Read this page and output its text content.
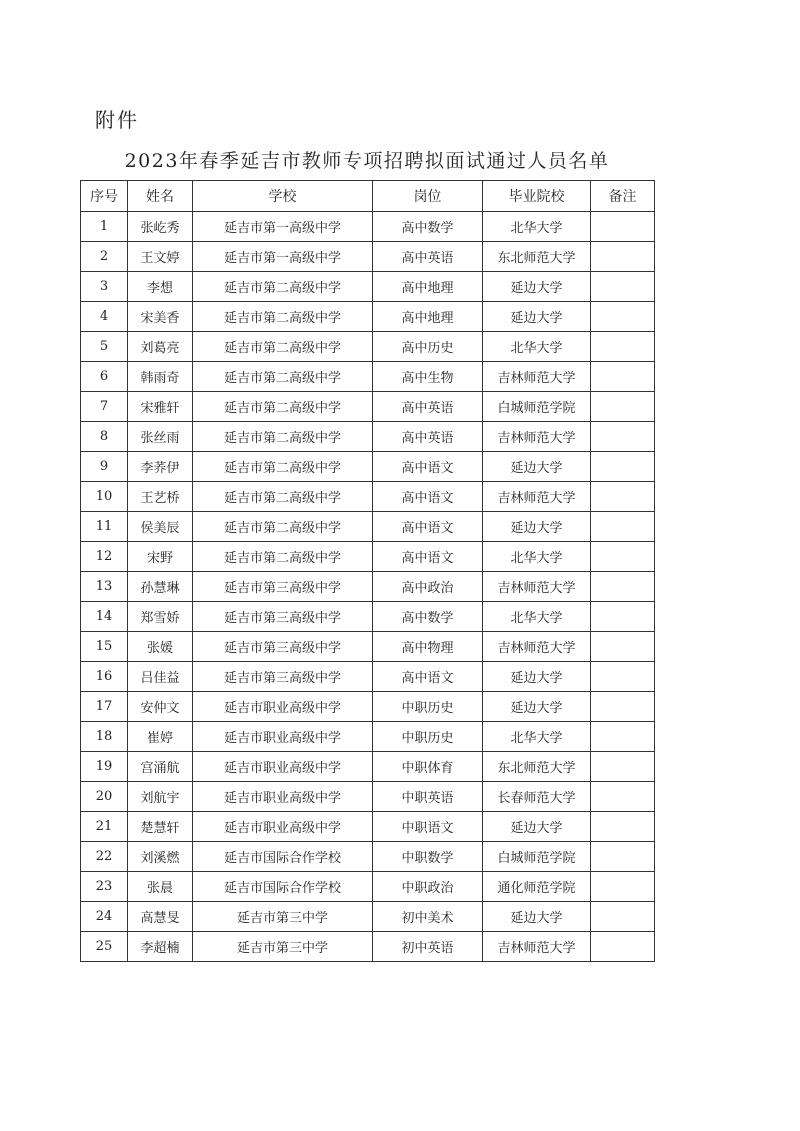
附件
2023年春季延吉市教师专项招聘拟面试通过人员名单
序号	姓名	学校	岗位	毕业院校	备注
1	张屹秀	延吉市第一高级中学	高中数学	北华大学	
2	王文婷	延吉市第一高级中学	高中英语	东北师范大学	
3	李想	延吉市第二高级中学	高中地理	延边大学	
4	宋美香	延吉市第二高级中学	高中地理	延边大学	
5	刘葛亮	延吉市第二高级中学	高中历史	北华大学	
6	韩雨奇	延吉市第二高级中学	高中生物	吉林师范大学	
7	宋雅轩	延吉市第二高级中学	高中英语	白城师范学院	
8	张丝雨	延吉市第二高级中学	高中英语	吉林师范大学	
9	李荞伊	延吉市第二高级中学	高中语文	延边大学	
10	王艺桥	延吉市第二高级中学	高中语文	吉林师范大学	
11	侯美辰	延吉市第二高级中学	高中语文	延边大学	
12	宋野	延吉市第二高级中学	高中语文	北华大学	
13	孙慧琳	延吉市第三高级中学	高中政治	吉林师范大学	
14	郑雪娇	延吉市第三高级中学	高中数学	北华大学	
15	张媛	延吉市第三高级中学	高中物理	吉林师范大学	
16	吕佳益	延吉市第三高级中学	高中语文	延边大学	
17	安仲文	延吉市职业高级中学	中职历史	延边大学	
18	崔婷	延吉市职业高级中学	中职历史	北华大学	
19	宫涌航	延吉市职业高级中学	中职体育	东北师范大学	
20	刘航宇	延吉市职业高级中学	中职英语	长春师范大学	
21	楚慧轩	延吉市职业高级中学	中职语文	延边大学	
22	刘溪燃	延吉市国际合作学校	中职数学	白城师范学院	
23	张晨	延吉市国际合作学校	中职政治	通化师范学院	
24	高慧旻	延吉市第三中学	初中美术	延边大学	
25	李超楠	延吉市第三中学	初中英语	吉林师范大学	
